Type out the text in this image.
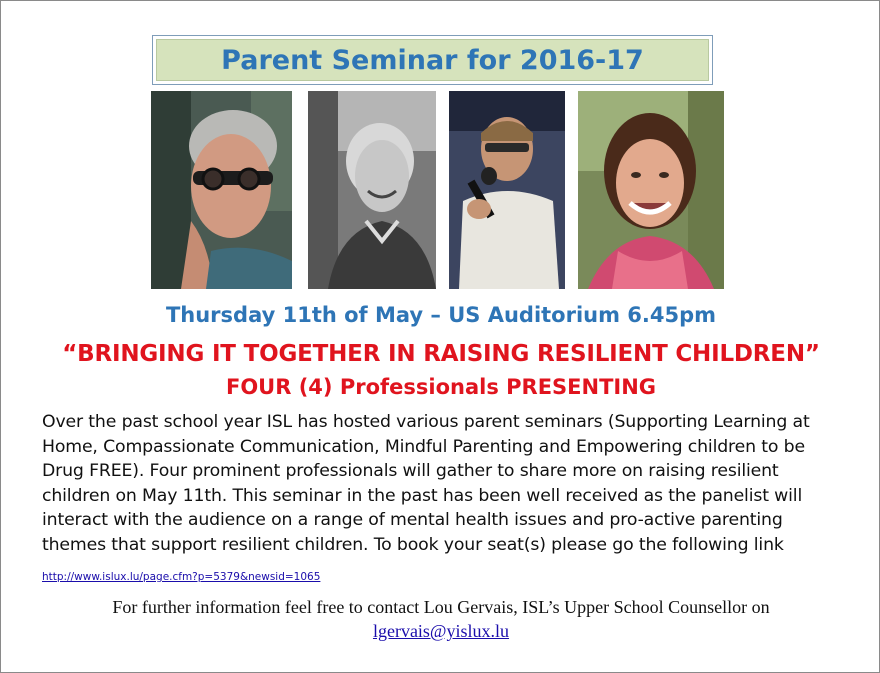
Parent Seminar for 2016-17
Thursday 11th of May – US Auditorium 6.45pm
“BRINGING IT TOGETHER IN RAISING RESILIENT CHILDREN”
FOUR (4) Professionals PRESENTING
Over the past school year ISL has hosted various parent seminars (Supporting Learning at Home, Compassionate Communication, Mindful Parenting and Empowering children to be Drug FREE). Four prominent professionals will gather to share more on raising resilient children on May 11th. This seminar in the past has been well received as the panelist will interact with the audience on a range of mental health issues and pro-active parenting themes that support resilient children. To book your seat(s) please go the following link
http://www.islux.lu/page.cfm?p=5379&newsid=1065
For further information feel free to contact Lou Gervais, ISL’s Upper School Counsellor on
lgervais@yislux.lu
